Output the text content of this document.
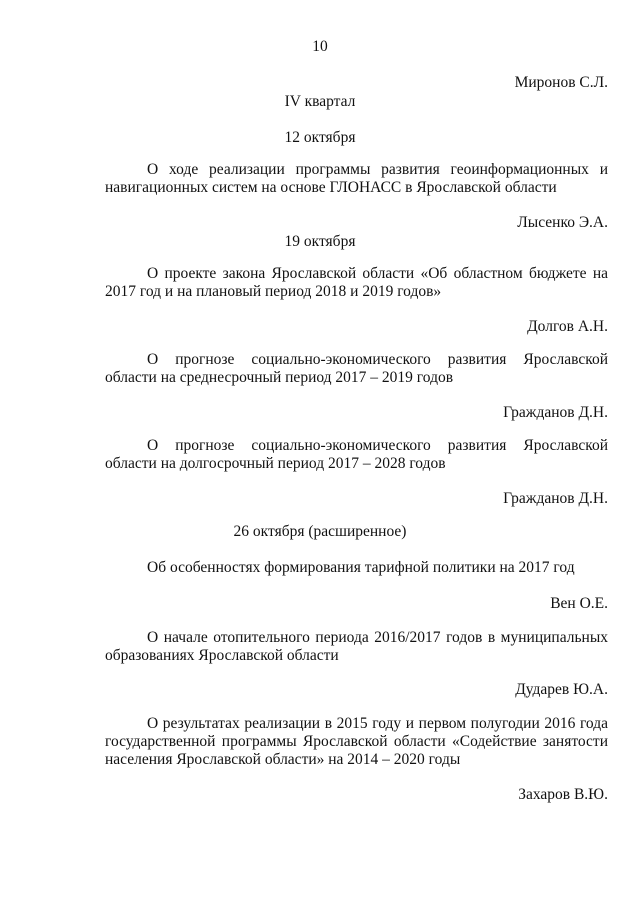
10
Миронов С.Л.
IV квартал
12 октября
О ходе реализации программы развития геоинформационных и навигационных систем на основе ГЛОНАСС в Ярославской области
Лысенко Э.А.
19 октября
О проекте закона Ярославской области «Об областном бюджете на 2017 год и на плановый период 2018 и 2019 годов»
Долгов А.Н.
О прогнозе социально-экономического развития Ярославской области на среднесрочный период 2017 – 2019 годов
Гражданов Д.Н.
О прогнозе социально-экономического развития Ярославской области на долгосрочный период 2017 – 2028 годов
Гражданов Д.Н.
26 октября (расширенное)
Об особенностях формирования тарифной политики на 2017 год
Вен О.Е.
О начале отопительного периода 2016/2017 годов в муниципальных образованиях Ярославской области
Дударев Ю.А.
О результатах реализации в 2015 году и первом полугодии 2016 года государственной программы Ярославской области «Содействие занятости населения Ярославской области» на 2014 – 2020 годы
Захаров В.Ю.
